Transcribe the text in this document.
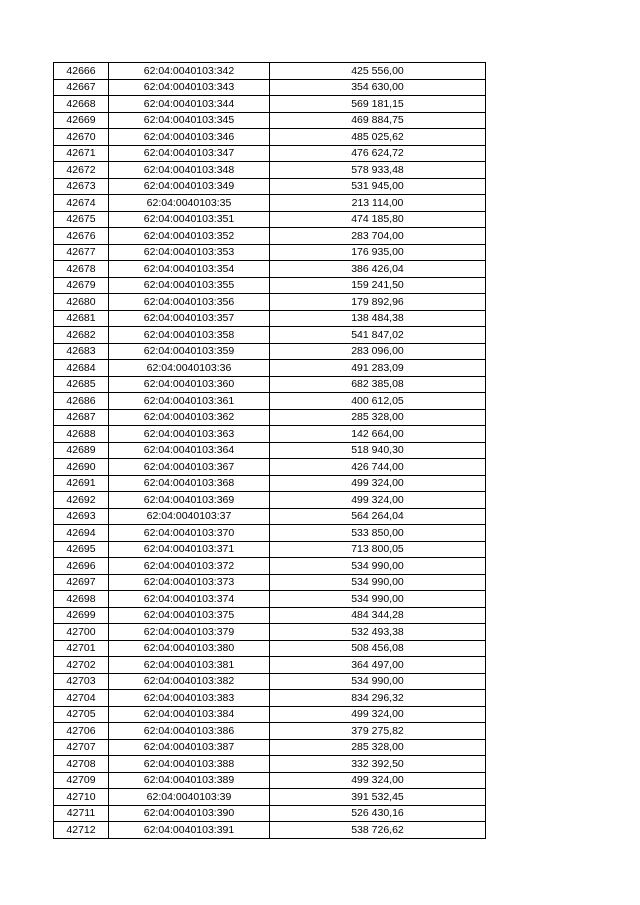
42666	62:04:0040103:342	425 556,00
42667	62:04:0040103:343	354 630,00
42668	62:04:0040103:344	569 181,15
42669	62:04:0040103:345	469 884,75
42670	62:04:0040103:346	485 025,62
42671	62:04:0040103:347	476 624,72
42672	62:04:0040103:348	578 933,48
42673	62:04:0040103:349	531 945,00
42674	62:04:0040103:35	213 114,00
42675	62:04:0040103:351	474 185,80
42676	62:04:0040103:352	283 704,00
42677	62:04:0040103:353	176 935,00
42678	62:04:0040103:354	386 426,04
42679	62:04:0040103:355	159 241,50
42680	62:04:0040103:356	179 892,96
42681	62:04:0040103:357	138 484,38
42682	62:04:0040103:358	541 847,02
42683	62:04:0040103:359	283 096,00
42684	62:04:0040103:36	491 283,09
42685	62:04:0040103:360	682 385,08
42686	62:04:0040103:361	400 612,05
42687	62:04:0040103:362	285 328,00
42688	62:04:0040103:363	142 664,00
42689	62:04:0040103:364	518 940,30
42690	62:04:0040103:367	426 744,00
42691	62:04:0040103:368	499 324,00
42692	62:04:0040103:369	499 324,00
42693	62:04:0040103:37	564 264,04
42694	62:04:0040103:370	533 850,00
42695	62:04:0040103:371	713 800,05
42696	62:04:0040103:372	534 990,00
42697	62:04:0040103:373	534 990,00
42698	62:04:0040103:374	534 990,00
42699	62:04:0040103:375	484 344,28
42700	62:04:0040103:379	532 493,38
42701	62:04:0040103:380	508 456,08
42702	62:04:0040103:381	364 497,00
42703	62:04:0040103:382	534 990,00
42704	62:04:0040103:383	834 296,32
42705	62:04:0040103:384	499 324,00
42706	62:04:0040103:386	379 275,82
42707	62:04:0040103:387	285 328,00
42708	62:04:0040103:388	332 392,50
42709	62:04:0040103:389	499 324,00
42710	62:04:0040103:39	391 532,45
42711	62:04:0040103:390	526 430,16
42712	62:04:0040103:391	538 726,62
